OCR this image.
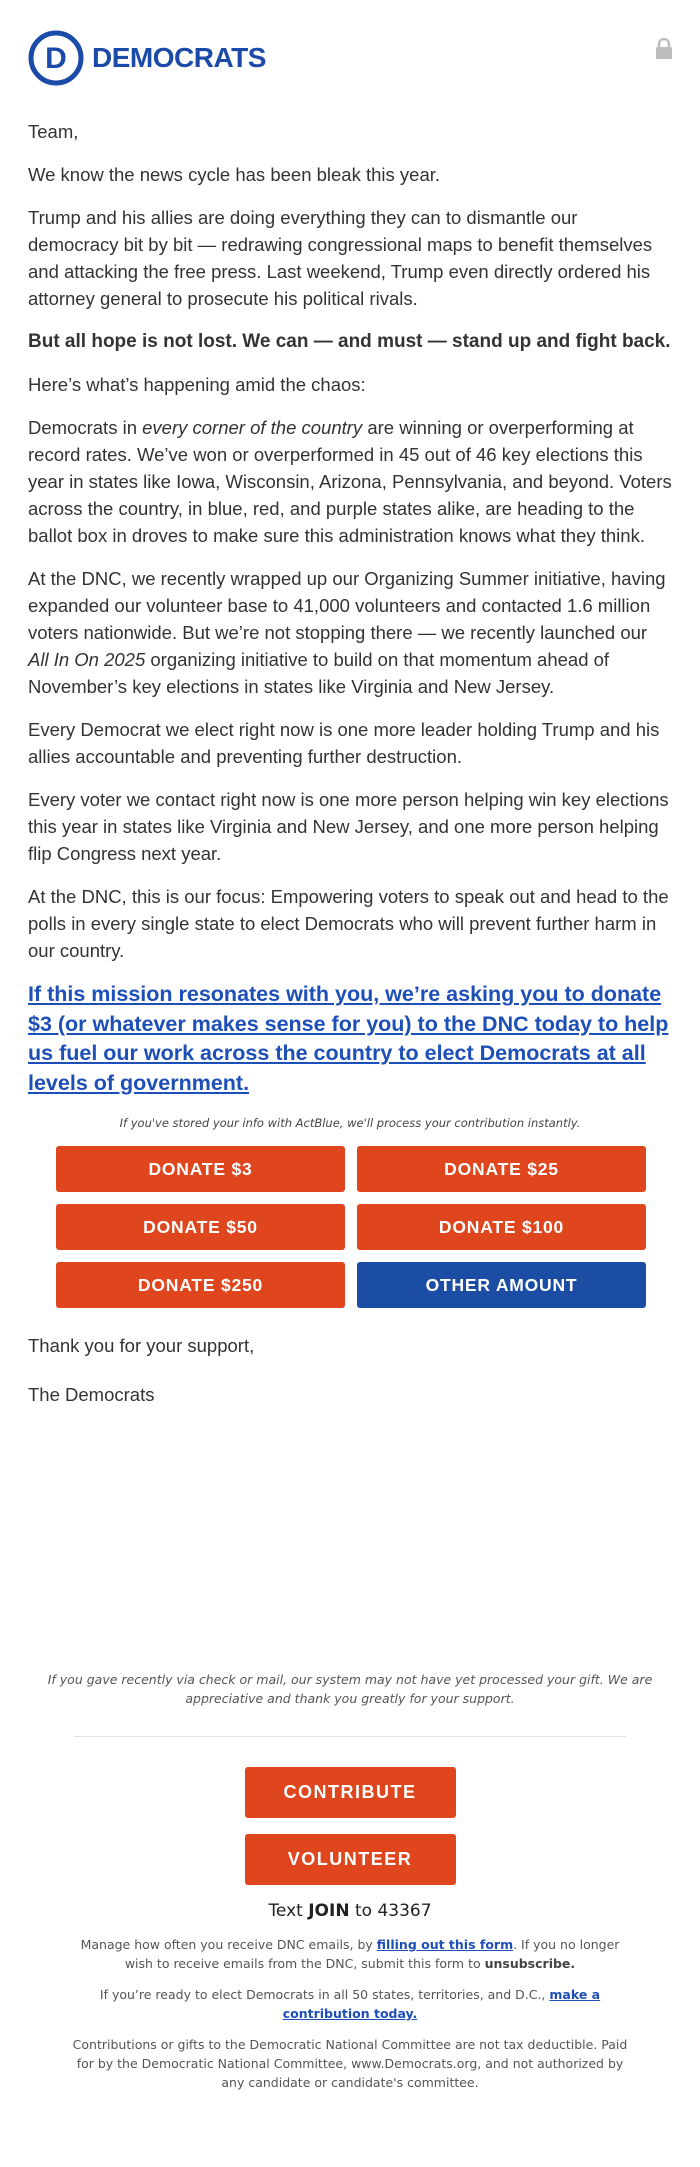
D DEMOCRATS

Team,

We know the news cycle has been bleak this year.

Trump and his allies are doing everything they can to dismantle our democracy bit by bit — redrawing congressional maps to benefit themselves and attacking the free press. Last weekend, Trump even directly ordered his attorney general to prosecute his political rivals.

But all hope is not lost. We can — and must — stand up and fight back.

Here’s what’s happening amid the chaos:

Democrats in every corner of the country are winning or overperforming at record rates. We’ve won or overperformed in 45 out of 46 key elections this year in states like Iowa, Wisconsin, Arizona, Pennsylvania, and beyond. Voters across the country, in blue, red, and purple states alike, are heading to the ballot box in droves to make sure this administration knows what they think.

At the DNC, we recently wrapped up our Organizing Summer initiative, having expanded our volunteer base to 41,000 volunteers and contacted 1.6 million voters nationwide. But we’re not stopping there — we recently launched our All In On 2025 organizing initiative to build on that momentum ahead of November’s key elections in states like Virginia and New Jersey.

Every Democrat we elect right now is one more leader holding Trump and his allies accountable and preventing further destruction.

Every voter we contact right now is one more person helping win key elections this year in states like Virginia and New Jersey, and one more person helping flip Congress next year.

At the DNC, this is our focus: Empowering voters to speak out and head to the polls in every single state to elect Democrats who will prevent further harm in our country.

If this mission resonates with you, we’re asking you to donate $3 (or whatever makes sense for you) to the DNC today to help us fuel our work across the country to elect Democrats at all levels of government.

If you've stored your info with ActBlue, we'll process your contribution instantly.

DONATE $3	DONATE $25
DONATE $50	DONATE $100
DONATE $250	OTHER AMOUNT

Thank you for your support,

The Democrats

If you gave recently via check or mail, our system may not have yet processed your gift. We are appreciative and thank you greatly for your support.

CONTRIBUTE
VOLUNTEER

Text JOIN to 43367

Manage how often you receive DNC emails, by filling out this form. If you no longer wish to receive emails from the DNC, submit this form to unsubscribe.

If you’re ready to elect Democrats in all 50 states, territories, and D.C., make a contribution today.

Contributions or gifts to the Democratic National Committee are not tax deductible. Paid for by the Democratic National Committee, www.Democrats.org, and not authorized by any candidate or candidate's committee.
